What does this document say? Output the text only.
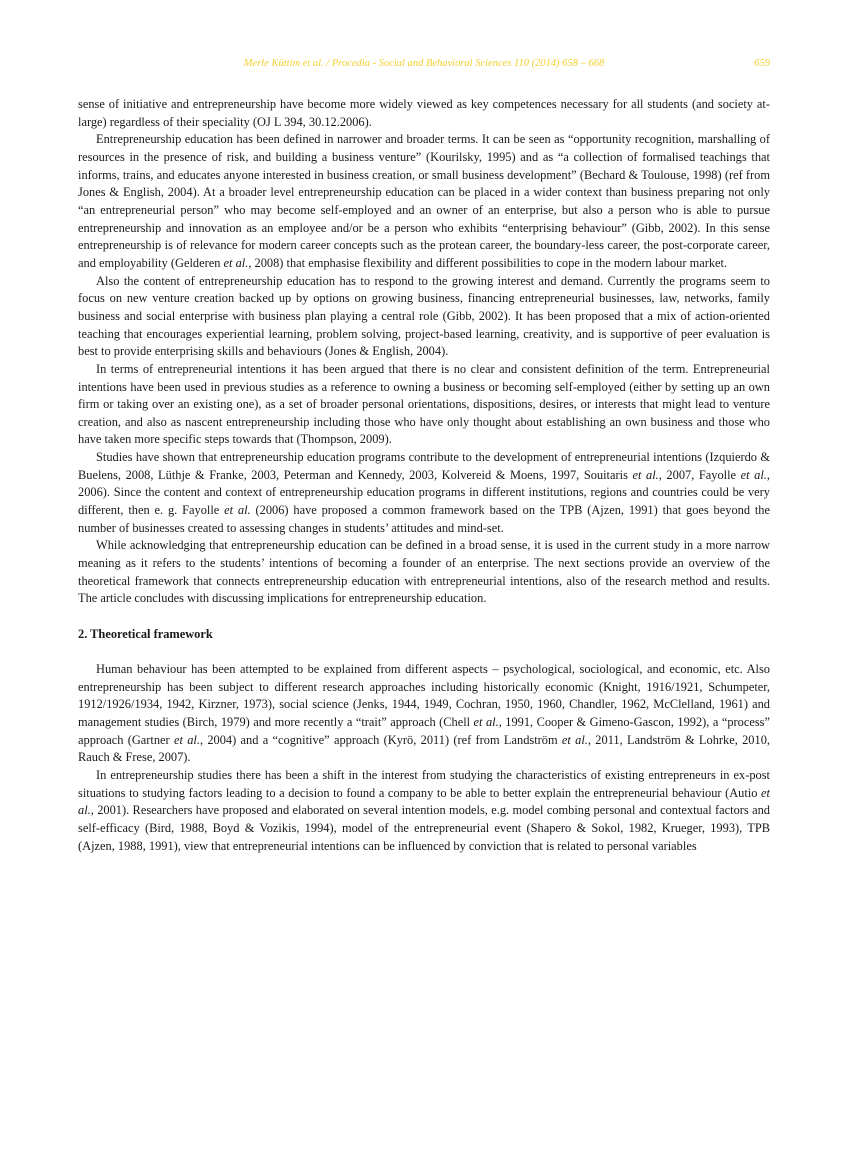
Merle Küttim et al. / Procedia - Social and Behavioral Sciences 110 (2014) 658 – 668	659

sense of initiative and entrepreneurship have become more widely viewed as key competences necessary for all students (and society at-large) regardless of their speciality (OJ L 394, 30.12.2006).

Entrepreneurship education has been defined in narrower and broader terms. It can be seen as “opportunity recognition, marshalling of resources in the presence of risk, and building a business venture” (Kourilsky, 1995) and as “a collection of formalised teachings that informs, trains, and educates anyone interested in business creation, or small business development” (Bechard & Toulouse, 1998) (ref from Jones & English, 2004). At a broader level entrepreneurship education can be placed in a wider context than business preparing not only “an entrepreneurial person” who may become self-employed and an owner of an enterprise, but also a person who is able to pursue entrepreneurship and innovation as an employee and/or be a person who exhibits “enterprising behaviour” (Gibb, 2002). In this sense entrepreneurship is of relevance for modern career concepts such as the protean career, the boundary-less career, the post-corporate career, and employability (Gelderen et al., 2008) that emphasise flexibility and different possibilities to cope in the modern labour market.

Also the content of entrepreneurship education has to respond to the growing interest and demand. Currently the programs seem to focus on new venture creation backed up by options on growing business, financing entrepreneurial businesses, law, networks, family business and social enterprise with business plan playing a central role (Gibb, 2002). It has been proposed that a mix of action-oriented teaching that encourages experiential learning, problem solving, project-based learning, creativity, and is supportive of peer evaluation is best to provide enterprising skills and behaviours (Jones & English, 2004).

In terms of entrepreneurial intentions it has been argued that there is no clear and consistent definition of the term. Entrepreneurial intentions have been used in previous studies as a reference to owning a business or becoming self-employed (either by setting up an own firm or taking over an existing one), as a set of broader personal orientations, dispositions, desires, or interests that might lead to venture creation, and also as nascent entrepreneurship including those who have only thought about establishing an own business and those who have taken more specific steps towards that (Thompson, 2009).

Studies have shown that entrepreneurship education programs contribute to the development of entrepreneurial intentions (Izquierdo & Buelens, 2008, Lüthje & Franke, 2003, Peterman and Kennedy, 2003, Kolvereid & Moens, 1997, Souitaris et al., 2007, Fayolle et al., 2006). Since the content and context of entrepreneurship education programs in different institutions, regions and countries could be very different, then e. g. Fayolle et al. (2006) have proposed a common framework based on the TPB (Ajzen, 1991) that goes beyond the number of businesses created to assessing changes in students’ attitudes and mind-set.

While acknowledging that entrepreneurship education can be defined in a broad sense, it is used in the current study in a more narrow meaning as it refers to the students’ intentions of becoming a founder of an enterprise. The next sections provide an overview of the theoretical framework that connects entrepreneurship education with entrepreneurial intentions, also of the research method and results. The article concludes with discussing implications for entrepreneurship education.

2. Theoretical framework

Human behaviour has been attempted to be explained from different aspects – psychological, sociological, and economic, etc. Also entrepreneurship has been subject to different research approaches including historically economic (Knight, 1916/1921, Schumpeter, 1912/1926/1934, 1942, Kirzner, 1973), social science (Jenks, 1944, 1949, Cochran, 1950, 1960, Chandler, 1962, McClelland, 1961) and management studies (Birch, 1979) and more recently a “trait” approach (Chell et al., 1991, Cooper & Gimeno-Gascon, 1992), a “process” approach (Gartner et al., 2004) and a “cognitive” approach (Kyrö, 2011) (ref from Landström et al., 2011, Landström & Lohrke, 2010, Rauch & Frese, 2007).

In entrepreneurship studies there has been a shift in the interest from studying the characteristics of existing entrepreneurs in ex-post situations to studying factors leading to a decision to found a company to be able to better explain the entrepreneurial behaviour (Autio et al., 2001). Researchers have proposed and elaborated on several intention models, e.g. model combing personal and contextual factors and self-efficacy (Bird, 1988, Boyd & Vozikis, 1994), model of the entrepreneurial event (Shapero & Sokol, 1982, Krueger, 1993), TPB (Ajzen, 1988, 1991), view that entrepreneurial intentions can be influenced by conviction that is related to personal variables
